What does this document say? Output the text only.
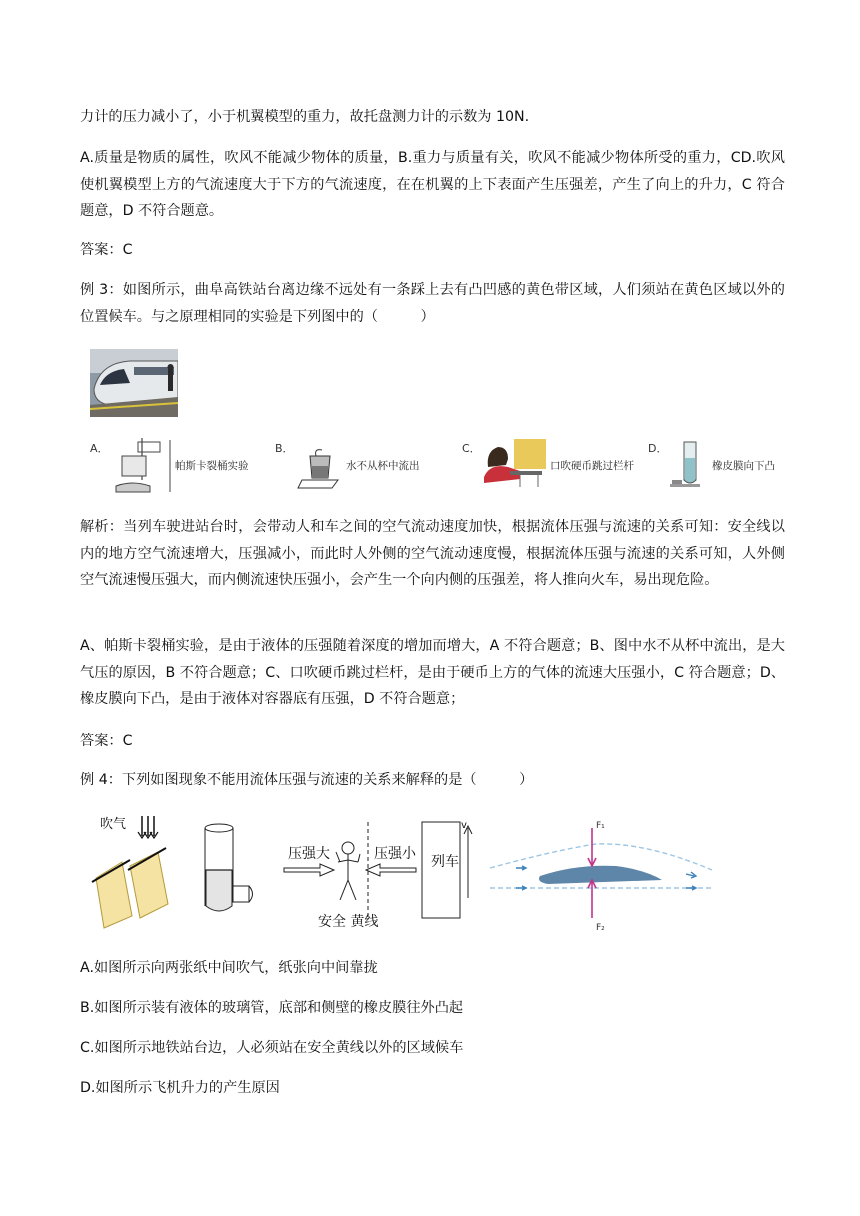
力计的压力减小了，小于机翼模型的重力，故托盘测力计的示数为 10N.

A.质量是物质的属性，吹风不能减少物体的质量，B.重力与质量有关，吹风不能减少物体所受的重力，CD.吹风使机翼模型上方的气流速度大于下方的气流速度，在在机翼的上下表面产生压强差，产生了向上的升力，C 符合题意，D 不符合题意。

答案：C

例 3：如图所示，曲阜高铁站台离边缘不远处有一条踩上去有凸凹感的黄色带区域，人们须站在黄色区域以外的位置候车。与之原理相同的实验是下列图中的（　　　）

A．
帕斯卡裂桶实验
B．
水不从杯中流出
C．
口吹硬币跳过栏杆
D．
橡皮膜向下凸

解析：当列车驶进站台时，会带动人和车之间的空气流动速度加快，根据流体压强与流速的关系可知：安全线以内的地方空气流速增大，压强减小，而此时人外侧的空气流动速度慢，根据流体压强与流速的关系可知，人外侧空气流速慢压强大，而内侧流速快压强小，会产生一个向内侧的压强差，将人推向火车，易出现危险。

A、帕斯卡裂桶实验，是由于液体的压强随着深度的增加而增大，A 不符合题意；B、图中水不从杯中流出，是大气压的原因，B 不符合题意；C、口吹硬币跳过栏杆，是由于硬币上方的气体的流速大压强小，C 符合题意；D、橡皮膜向下凸，是由于液体对容器底有压强，D 不符合题意；

答案：C

例 4：下列如图现象不能用流体压强与流速的关系来解释的是（　　　）

吹气
压强大	压强小
安全 黄线
列车
v	F₁
F₂

A.如图所示向两张纸中间吹气，纸张向中间靠拢

B.如图所示装有液体的玻璃管，底部和侧壁的橡皮膜往外凸起

C.如图所示地铁站台边，人必须站在安全黄线以外的区域候车

D.如图所示飞机升力的产生原因
